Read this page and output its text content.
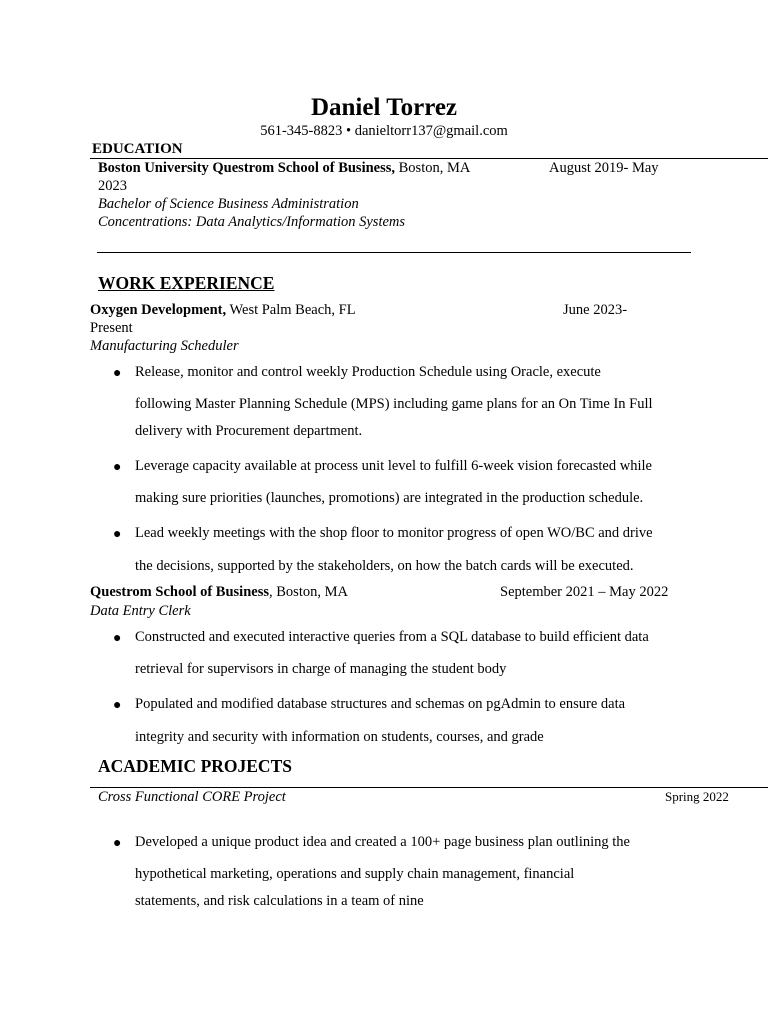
Daniel Torrez
561-345-8823 • danieltorr137@gmail.com
EDUCATION
Boston University Questrom School of Business, Boston, MA	August 2019- May
2023
Bachelor of Science Business Administration
Concentrations: Data Analytics/Information Systems
WORK EXPERIENCE
Oxygen Development, West Palm Beach, FL	June 2023-
Present
Manufacturing Scheduler
● Release, monitor and control weekly Production Schedule using Oracle, execute
following Master Planning Schedule (MPS) including game plans for an On Time In Full
delivery with Procurement department.
● Leverage capacity available at process unit level to fulfill 6-week vision forecasted while
making sure priorities (launches, promotions) are integrated in the production schedule.
● Lead weekly meetings with the shop floor to monitor progress of open WO/BC and drive
the decisions, supported by the stakeholders, on how the batch cards will be executed.
Questrom School of Business, Boston, MA	September 2021 – May 2022
Data Entry Clerk
● Constructed and executed interactive queries from a SQL database to build efficient data
retrieval for supervisors in charge of managing the student body
● Populated and modified database structures and schemas on pgAdmin to ensure data
integrity and security with information on students, courses, and grade
ACADEMIC PROJECTS
Cross Functional CORE Project	Spring 2022
● Developed a unique product idea and created a 100+ page business plan outlining the
hypothetical marketing, operations and supply chain management, financial
statements, and risk calculations in a team of nine
